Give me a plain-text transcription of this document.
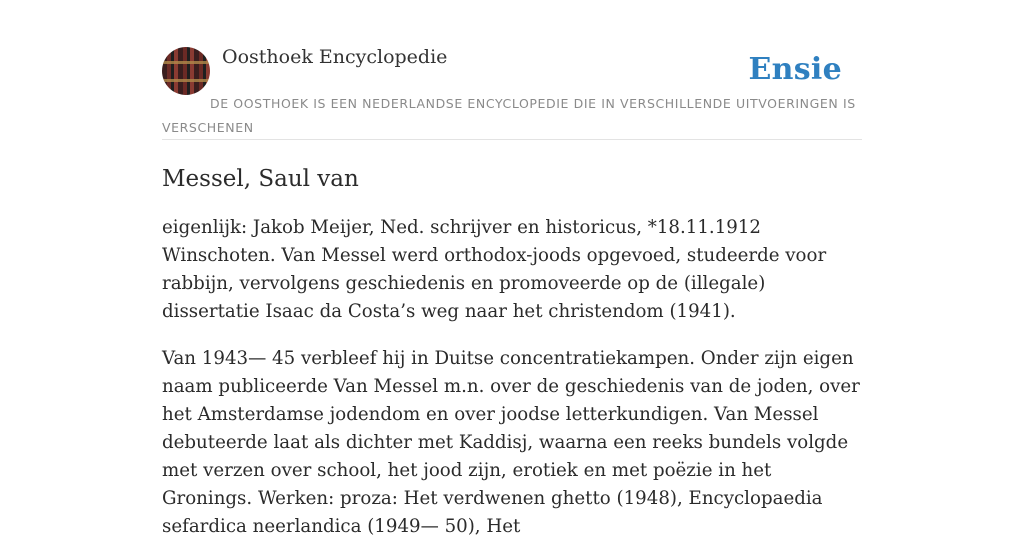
Oosthoek Encyclopedie	Ensie
DE OOSTHOEK IS EEN NEDERLANDSE ENCYCLOPEDIE DIE IN VERSCHILLENDE UITVOERINGEN IS VERSCHENEN
Messel, Saul van

eigenlijk: Jakob Meijer, Ned. schrijver en historicus, *18.11.1912 Winschoten. Van Messel werd orthodox-joods opgevoed, studeerde voor rabbijn, vervolgens geschiedenis en promoveerde op de (illegale) dissertatie Isaac da Costa’s weg naar het christendom (1941).

Van 1943— 45 verbleef hij in Duitse concentratiekampen. Onder zijn eigen naam publiceerde Van Messel m.n. over de geschiedenis van de joden, over het Amsterdamse jodendom en over joodse letterkundigen. Van Messel debuteerde laat als dichter met Kaddisj, waarna een reeks bundels volgde met verzen over school, het jood zijn, erotiek en met poëzie in het Gronings. Werken: proza: Het verdwenen ghetto (1948), Encyclopaedia sefardica neerlandica (1949— 50), Het
